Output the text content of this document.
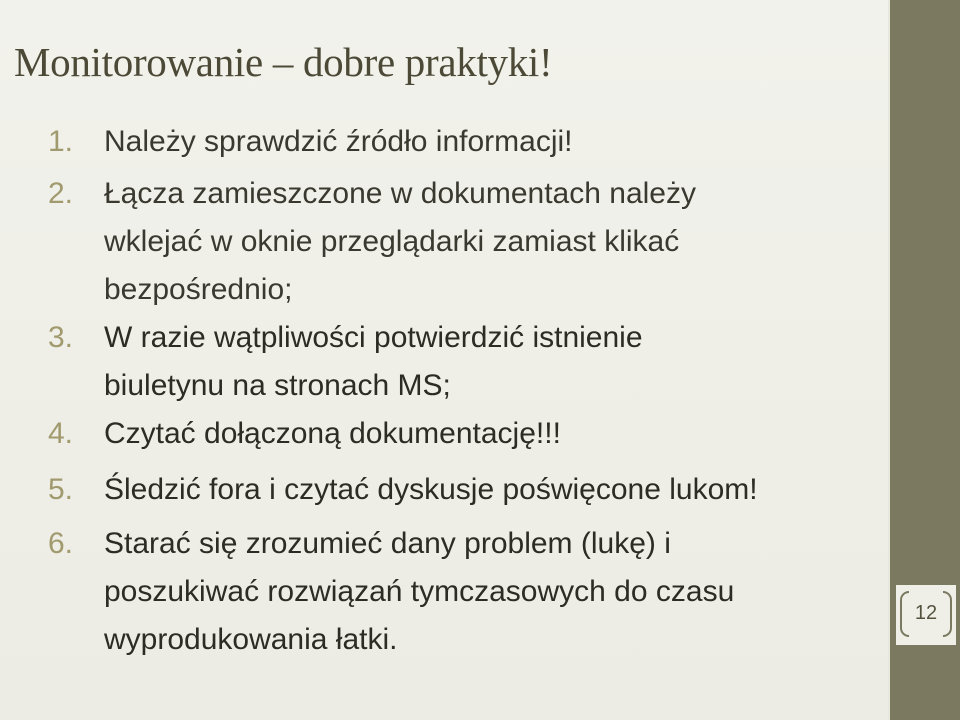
Monitorowanie – dobre praktyki!
1. Należy sprawdzić źródło informacji!
2. Łącza zamieszczone w dokumentach należy
wklejać w oknie przeglądarki zamiast klikać
bezpośrednio;
3. W razie wątpliwości potwierdzić istnienie
biuletynu na stronach MS;
4. Czytać dołączoną dokumentację!!!
5. Śledzić fora i czytać dyskusje poświęcone lukom!
6. Starać się zrozumieć dany problem (lukę) i
poszukiwać rozwiązań tymczasowych do czasu
wyprodukowania łatki.
12
